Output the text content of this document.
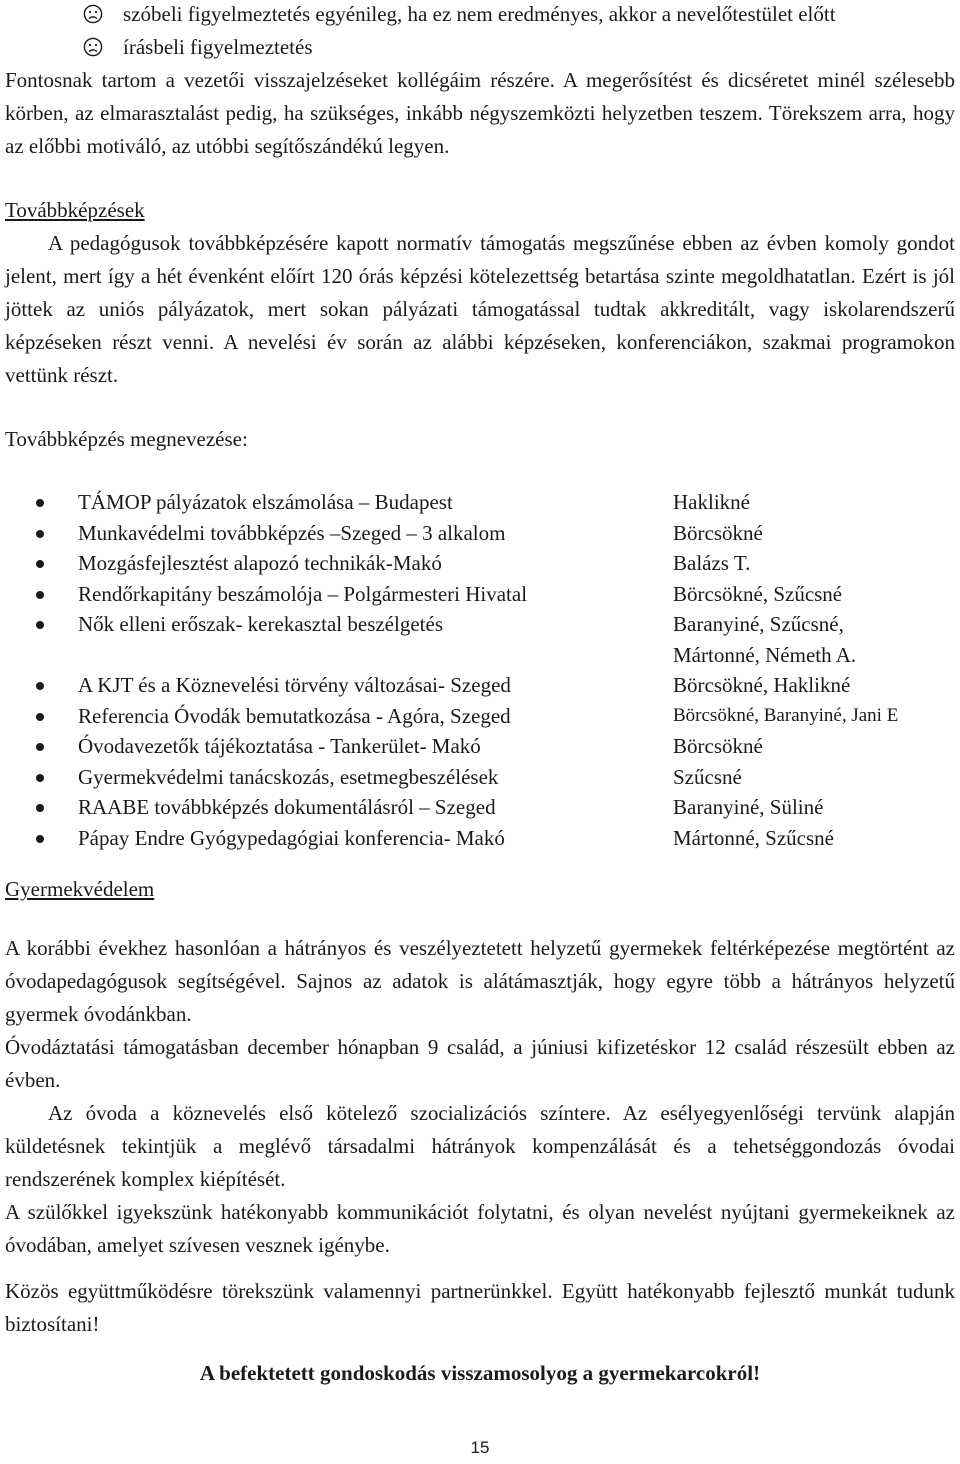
szóbeli figyelmeztetés egyénileg, ha ez nem eredményes, akkor a nevelőtestület előtt
írásbeli figyelmeztetés

Fontosnak tartom a vezetői visszajelzéseket kollégáim részére. A megerősítést és dicséretet minél szélesebb körben, az elmarasztalást pedig, ha szükséges, inkább négyszemközti helyzetben teszem. Törekszem arra, hogy az előbbi motiváló, az utóbbi segítőszándékú legyen.

Továbbképzések

A pedagógusok továbbképzésére kapott normatív támogatás megszűnése ebben az évben komoly gondot jelent, mert így a hét évenként előírt 120 órás képzési kötelezettség betartása szinte megoldhatatlan. Ezért is jól jöttek az uniós pályázatok, mert sokan pályázati támogatással tudtak akkreditált, vagy iskolarendszerű képzéseken részt venni. A nevelési év során az alábbi képzéseken, konferenciákon, szakmai programokon vettünk részt.

Továbbképzés megnevezése:

TÁMOP pályázatok elszámolása – Budapest	Haklikné
Munkavédelmi továbbképzés –Szeged – 3 alkalom	Börcsökné
Mozgásfejlesztést alapozó technikák-Makó	Balázs T.
Rendőrkapitány beszámolója – Polgármesteri Hivatal	Börcsökné, Szűcsné
Nők elleni erőszak- kerekasztal beszélgetés	Baranyiné, Szűcsné,
Mártonné, Németh A.
A KJT és a Köznevelési törvény változásai- Szeged	Börcsökné, Haklikné
Referencia Óvodák bemutatkozása - Agóra, Szeged	Börcsökné, Baranyiné, Jani E
Óvodavezetők tájékoztatása - Tankerület- Makó	Börcsökné
Gyermekvédelmi tanácskozás, esetmegbeszélések	Szűcsné
RAABE továbbképzés dokumentálásról – Szeged	Baranyiné, Süliné
Pápay Endre Gyógypedagógiai konferencia- Makó	Mártonné, Szűcsné

Gyermekvédelem

A korábbi évekhez hasonlóan a hátrányos és veszélyeztetett helyzetű gyermekek feltérképezése megtörtént az óvodapedagógusok segítségével. Sajnos az adatok is alátámasztják, hogy egyre több a hátrányos helyzetű gyermek óvodánkban.

Óvodáztatási támogatásban december hónapban 9 család, a júniusi kifizetéskor 12 család részesült ebben az évben.

Az óvoda a köznevelés első kötelező szocializációs színtere. Az esélyegyenlőségi tervünk alapján küldetésnek tekintjük a meglévő társadalmi hátrányok kompenzálását és a tehetséggondozás óvodai rendszerének komplex kiépítését.

A szülőkkel igyekszünk hatékonyabb kommunikációt folytatni, és olyan nevelést nyújtani gyermekeiknek az óvodában, amelyet szívesen vesznek igénybe.

Közös együttműködésre törekszünk valamennyi partnerünkkel. Együtt hatékonyabb fejlesztő munkát tudunk biztosítani!

A befektetett gondoskodás visszamosolyog a gyermekarcokról!

15
